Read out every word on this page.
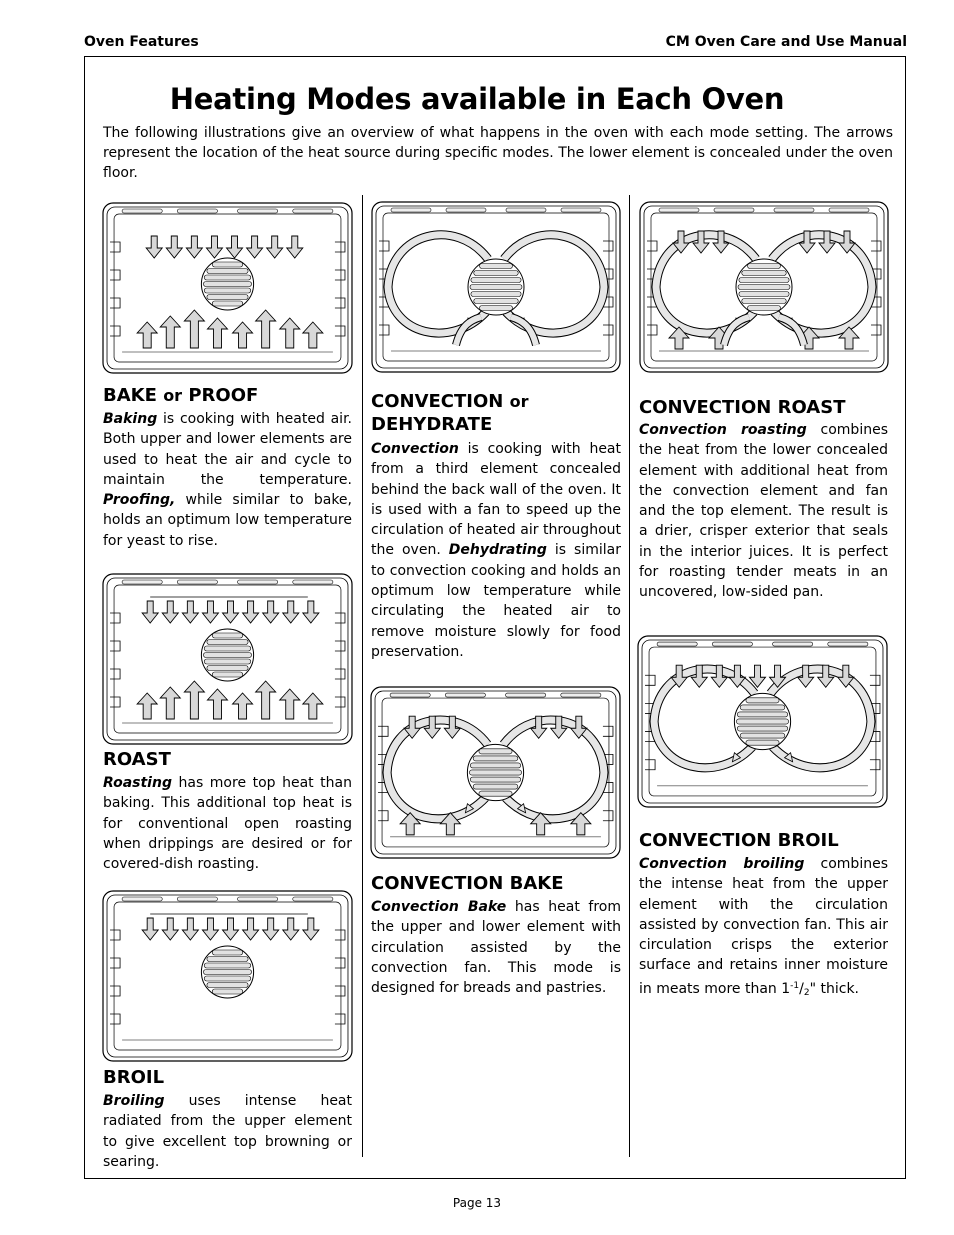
Oven Features	CM Oven Care and Use Manual
Heating Modes available in Each Oven
The following illustrations give an overview of what happens in the oven with each mode setting. The arrows represent the location of the heat source during specific modes. The lower element is concealed under the oven floor.
BAKE or PROOF
Baking is cooking with heated air. Both upper and lower elements are used to heat the air and cycle to maintain the temperature. Proofing, while similar to bake, holds an optimum low temperature for yeast to rise.
ROAST
Roasting has more top heat than baking. This additional top heat is for conventional open roasting when drippings are desired or for covered-dish roasting.
BROIL
Broiling uses intense heat radiated from the upper element to give excellent top browning or searing.
CONVECTION or
DEHYDRATE
Convection is cooking with heat from a third element concealed behind the back wall of the oven. It is used with a fan to speed up the circulation of heated air throughout the oven. Dehydrating is similar to convection cooking and holds an optimum low temperature while circulating the heated air to remove moisture slowly for food preservation.
CONVECTION BAKE
Convection Bake has heat from the upper and lower element with circulation assisted by the convection fan. This mode is designed for breads and pastries.
CONVECTION ROAST
Convection roasting combines the heat from the lower concealed element with additional heat from the convection element and fan and the top element. The result is a drier, crisper exterior that seals in the interior juices. It is perfect for roasting tender meats in an uncovered, low-sided pan.
CONVECTION BROIL
Convection broiling combines the intense heat from the upper element with the circulation assisted by convection fan. This air circulation crisps the exterior surface and retains inner moisture in meats more than $1^{-1}/_2$" thick.
Page 13
